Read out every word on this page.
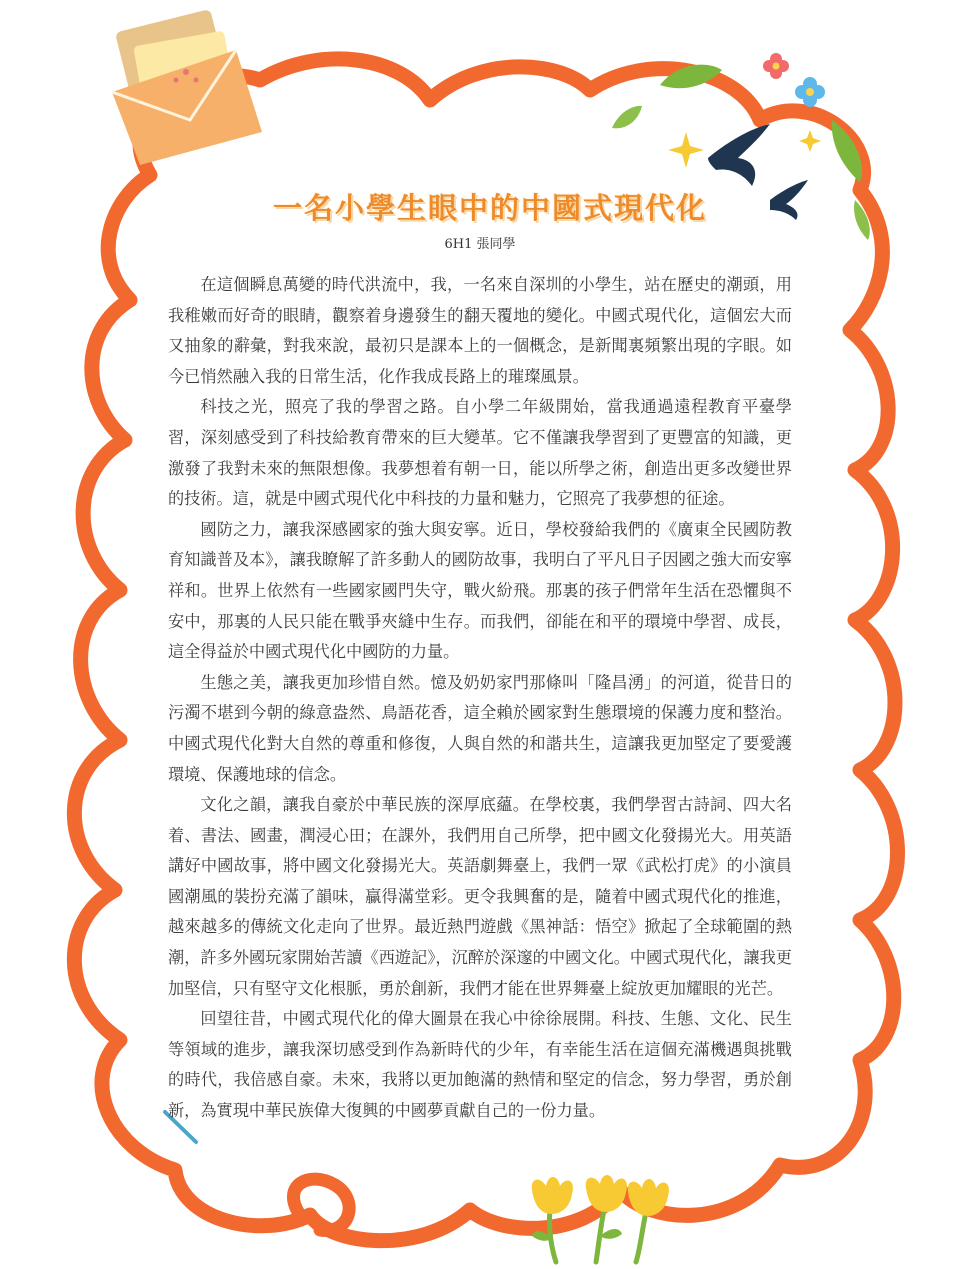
一名小學生眼中的中國式現代化
6H1 張同學

在這個瞬息萬變的時代洪流中，我，一名來自深圳的小學生，站在歷史的潮頭，用我稚嫩而好奇的眼睛，觀察着身邊發生的翻天覆地的變化。中國式現代化，這個宏大而又抽象的辭彙，對我來說，最初只是課本上的一個概念，是新聞裏頻繁出現的字眼。如今已悄然融入我的日常生活，化作我成長路上的璀璨風景。

科技之光，照亮了我的學習之路。自小學二年級開始，當我通過遠程教育平臺學習，深刻感受到了科技給教育帶來的巨大變革。它不僅讓我學習到了更豐富的知識，更激發了我對未來的無限想像。我夢想着有朝一日，能以所學之術，創造出更多改變世界的技術。這，就是中國式現代化中科技的力量和魅力，它照亮了我夢想的征途。

國防之力，讓我深感國家的強大與安寧。近日，學校發給我們的《廣東全民國防教育知識普及本》，讓我瞭解了許多動人的國防故事，我明白了平凡日子因國之強大而安寧祥和。世界上依然有一些國家國門失守，戰火紛飛。那裏的孩子們常年生活在恐懼與不安中，那裏的人民只能在戰爭夾縫中生存。而我們，卻能在和平的環境中學習、成長，這全得益於中國式現代化中國防的力量。

生態之美，讓我更加珍惜自然。憶及奶奶家門那條叫「隆昌湧」的河道，從昔日的污濁不堪到今朝的綠意盎然、鳥語花香，這全賴於國家對生態環境的保護力度和整治。中國式現代化對大自然的尊重和修復，人與自然的和諧共生，這讓我更加堅定了要愛護環境、保護地球的信念。

文化之韻，讓我自豪於中華民族的深厚底蘊。在學校裏，我們學習古詩詞、四大名着、書法、國畫，潤浸心田；在課外，我們用自己所學，把中國文化發揚光大。用英語講好中國故事，將中國文化發揚光大。英語劇舞臺上，我們一眾《武松打虎》的小演員國潮風的裝扮充滿了韻味，贏得滿堂彩。更令我興奮的是，隨着中國式現代化的推進，越來越多的傳統文化走向了世界。最近熱門遊戲《黑神話：悟空》掀起了全球範圍的熱潮，許多外國玩家開始苦讀《西遊記》，沉醉於深邃的中國文化。中國式現代化，讓我更加堅信，只有堅守文化根脈，勇於創新，我們才能在世界舞臺上綻放更加耀眼的光芒。

回望往昔，中國式現代化的偉大圖景在我心中徐徐展開。科技、生態、文化、民生等領域的進步，讓我深切感受到作為新時代的少年，有幸能生活在這個充滿機遇與挑戰的時代，我倍感自豪。未來，我將以更加飽滿的熱情和堅定的信念，努力學習，勇於創新，為實現中華民族偉大復興的中國夢貢獻自己的一份力量。
